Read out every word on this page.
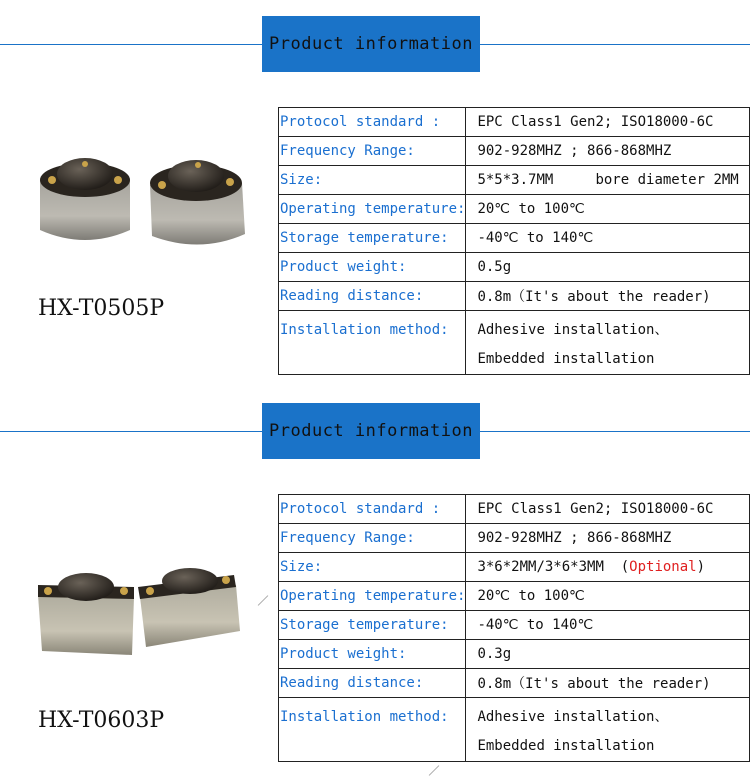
Product information
HX-T0505P
Protocol standard :	EPC Class1 Gen2; ISO18000-6C
Frequency Range:	902-928MHZ ; 866-868MHZ
Size:	5*5*3.7MM     bore diameter 2MM
Operating temperature:	20℃ to 100℃
Storage temperature:	-40℃ to 140℃
Product weight:	0.5g
Reading distance:	0.8m（It's about the reader)
Installation method:	Adhesive installation、
Embedded installation
Product information
HX-T0603P
Protocol standard :	EPC Class1 Gen2; ISO18000-6C
Frequency Range:	902-928MHZ ; 866-868MHZ
Size:	3*6*2MM/3*6*3MM  (Optional)
Operating temperature:	20℃ to 100℃
Storage temperature:	-40℃ to 140℃
Product weight:	0.3g
Reading distance:	0.8m（It's about the reader)
Installation method:	Adhesive installation、
Embedded installation
